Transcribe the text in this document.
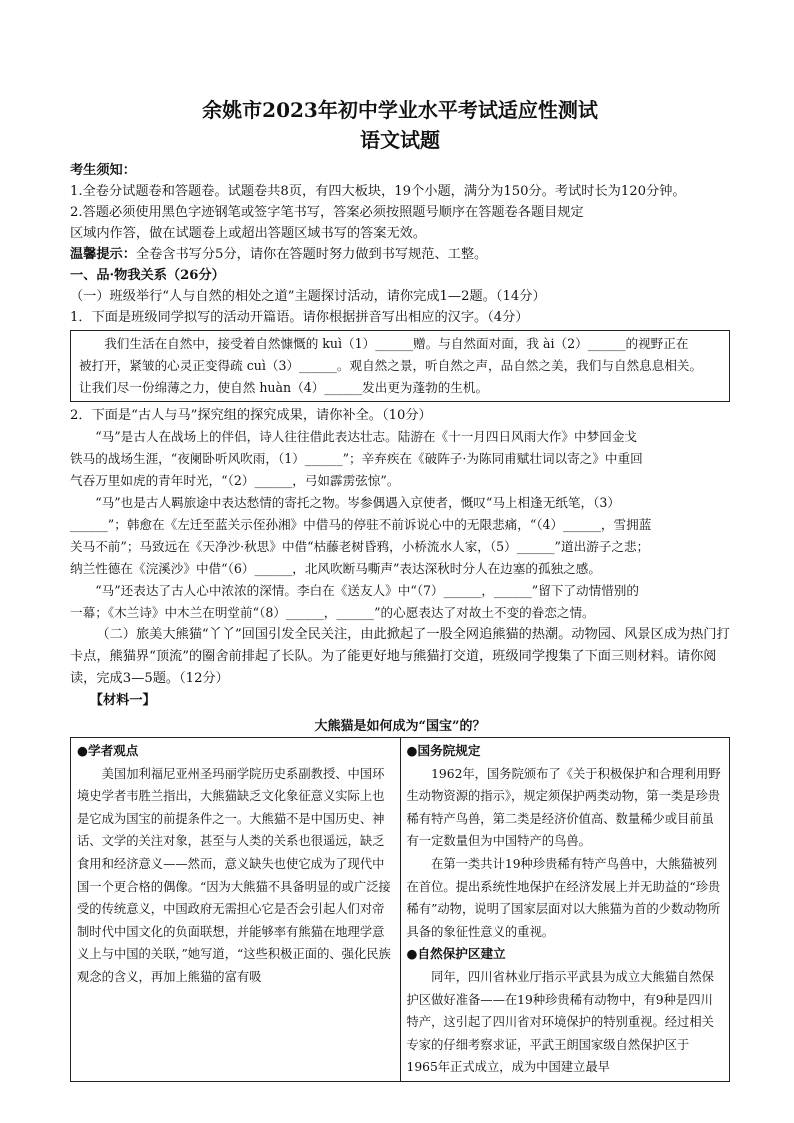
余姚市2023年初中学业水平考试适应性测试
语文试题

考生须知：

1.全卷分试题卷和答题卷。试题卷共8页，有四大板块，19个小题，满分为150分。考试时长为120分钟。

2.答题必须使用黑色字迹钢笔或签字笔书写，答案必须按照题号顺序在答题卷各题目规定

区域内作答，做在试题卷上或超出答题区域书写的答案无效。

温馨提示：全卷含书写分5分，请你在答题时努力做到书写规范、工整。

一、品·物我关系（26分）

（一）班级举行“人与自然的相处之道”主题探讨活动，请你完成1—2题。（14分）

1．下面是班级同学拟写的活动开篇语。请你根据拼音写出相应的汉字。（4分）

我们生活在自然中，接受着自然慷慨的 kuì（1）______赠。与自然面对面，我 ài（2）______的视野正在
被打开，紧皱的心灵正变得疏 cuì（3）______。观自然之景，听自然之声，品自然之美，我们与自然息息相关。
让我们尽一份绵薄之力，使自然 huàn（4）______发出更为蓬勃的生机。

2．下面是“古人与马”探究组的探究成果，请你补全。（10分）

“马”是古人在战场上的伴侣，诗人往往借此表达壮志。陆游在《十一月四日风雨大作》中梦回金戈
铁马的战场生涯，“夜阑卧听风吹雨，（1）______”；辛弃疾在《破阵子·为陈同甫赋壮词以寄之》中重回
气吞万里如虎的青年时光，“（2）______，弓如霹雳弦惊”。
“马”也是古人羁旅途中表达愁情的寄托之物。岑参偶遇入京使者，慨叹“马上相逢无纸笔，（3）
______”；韩愈在《左迁至蓝关示侄孙湘》中借马的停驻不前诉说心中的无限悲痛，“（4）______，雪拥蓝
关马不前”；马致远在《天净沙·秋思》中借“枯藤老树昏鸦，小桥流水人家，（5）______”道出游子之悲；
纳兰性德在《浣溪沙》中借“（6）______，北风吹断马嘶声”表达深秋时分人在边塞的孤独之感。
“马”还表达了古人心中浓浓的深情。李白在《送友人》中“（7）______，______”留下了动情惜别的
一幕；《木兰诗》中木兰在明堂前“（8）______，______”的心愿表达了对故土不变的眷恋之情。

（二）旅美大熊猫“丫丫”回国引发全民关注，由此掀起了一股全网追熊猫的热潮。动物园、风景区成为热门打卡点，熊猫界“顶流”的圈舍前排起了长队。为了能更好地与熊猫打交道，班级同学搜集了下面三则材料。请你阅读，完成3—5题。（12分）

【材料一】

大熊猫是如何成为“国宝”的？

●学者观点
美国加利福尼亚州圣玛丽学院历史系副教授、中国环境史学者韦胜兰指出，大熊猫缺乏文化象征意义实际上也是它成为国宝的前提条件之一。大熊猫不是中国历史、神话、文学的关注对象，甚至与人类的关系也很遥远，缺乏食用和经济意义——然而，意义缺失也使它成为了现代中国一个更合格的偶像。“因为大熊猫不具备明显的或广泛接受的传统意义，中国政府无需担心它是否会引起人们对帝制时代中国文化的负面联想，并能够率有熊猫在地理学意义上与中国的关联，”她写道，“这些积极正面的、强化民族观念的含义，再加上熊猫的富有吸

●国务院规定
1962年，国务院颁布了《关于积极保护和合理利用野生动物资源的指示》，规定须保护两类动物，第一类是珍贵稀有特产鸟兽，第二类是经济价值高、数量稀少或目前虽有一定数量但为中国特产的鸟兽。
在第一类共计19种珍贵稀有特产鸟兽中，大熊猫被列在首位。提出系统性地保护在经济发展上并无助益的“珍贵稀有”动物，说明了国家层面对以大熊猫为首的少数动物所具备的象征性意义的重视。
●自然保护区建立
同年，四川省林业厅指示平武县为成立大熊猫自然保护区做好准备——在19种珍贵稀有动物中，有9种是四川特产，这引起了四川省对环境保护的特别重视。经过相关专家的仔细考察求证，平武王朗国家级自然保护区于 1965年正式成立，成为中国建立最早
